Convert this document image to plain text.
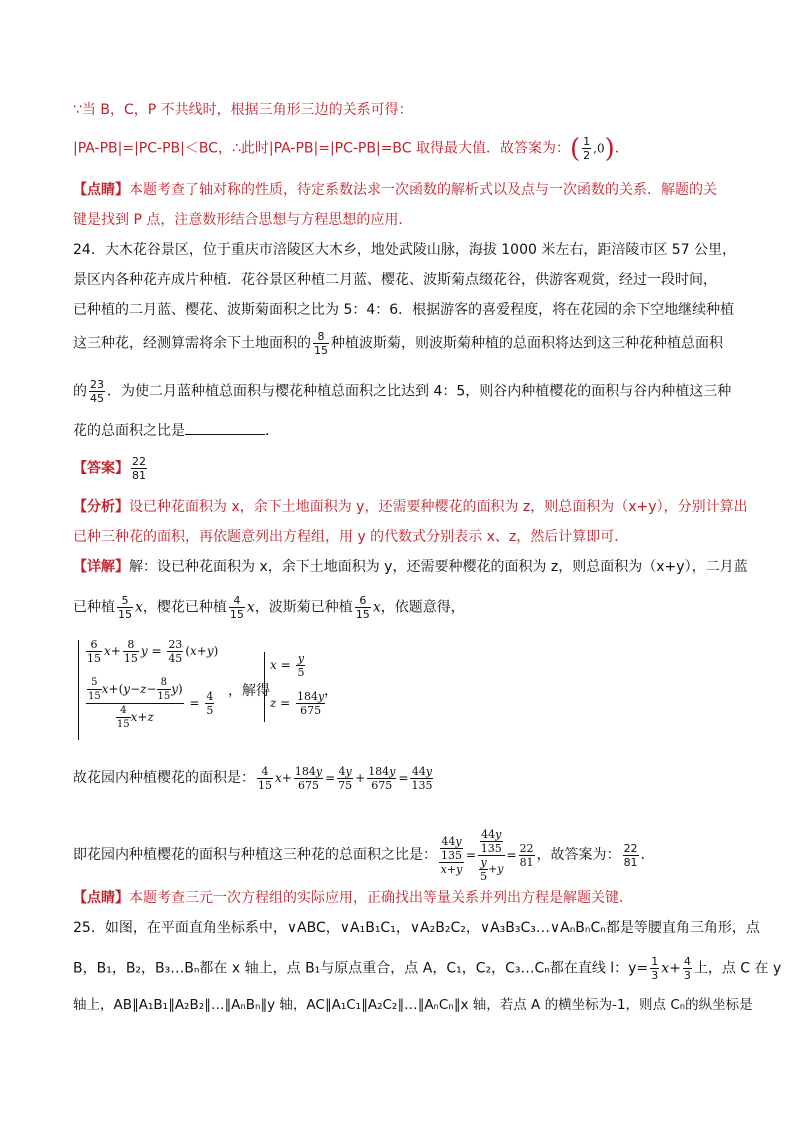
∵当 B，C，P 不共线时，根据三角形三边的关系可得：
|PA-PB|=|PC-PB|＜BC，∴此时|PA-PB|=|PC-PB|=BC 取得最大值．故答案为：( $\frac{1}{2} ,0$)．
【点睛】本题考查了轴对称的性质，待定系数法求一次函数的解析式以及点与一次函数的关系．解题的关
键是找到 P 点，注意数形结合思想与方程思想的应用．
24．大木花谷景区，位于重庆市涪陵区大木乡，地处武陵山脉，海拔 1000 米左右，距涪陵市区 57 公里，
景区内各种花卉成片种植．花谷景区种植二月蓝、樱花、波斯菊点缀花谷，供游客观赏，经过一段时间，
已种植的二月蓝、樱花、波斯菊面积之比为 5：4：6．根据游客的喜爱程度，将在花园的余下空地继续种植
这三种花，经测算需将余下土地面积的 $\frac{8}{15}$ 种植波斯菊，则波斯菊种植的总面积将达到这三种花种植总面积
的 $\frac{23}{45}$ ．为使二月蓝种植总面积与樱花种植总面积之比达到 4：5，则谷内种植樱花的面积与谷内种植这三种
花的总面积之比是	．
【答案】 $\frac{22}{81}$
【分析】设已种花面积为 x，余下土地面积为 y，还需要种樱花的面积为 z，则总面积为（x+y），分别计算出
已种三种花的面积，再依题意列出方程组，用 y 的代数式分别表示 x、z，然后计算即可．
【详解】解：设已种花面积为 x，余下土地面积为 y，还需要种樱花的面积为 z，则总面积为（x+y），二月蓝
已种植 $\frac{5}{15}$ x，樱花已种植 $\frac{4}{15}$ x，波斯菊已种植 $\frac{6}{15}$ x，依题意得，
$\frac{6}{15} x+ \frac{8}{15}$ $y = \frac{23}{45} (x+y)$
$\frac{\frac{5}{15} x+(y-z- \frac{8}{15} y)}{\frac{4}{15} x+z} = \frac{4}{5}$ ，解得
$x = \frac{y}{5}$
$z = \frac{184y}{675}$
，
故花园内种植樱花的面积是： $\frac{4}{15} x+ \frac{184y}{675} = \frac{4y}{75} + \frac{184y}{675} = \frac{44y}{135}$
即花园内种植樱花的面积与种植这三种花的总面积之比是： $\frac{\frac{44y}{135}}{x+y} = \frac{\frac{44y}{135}}{\frac{y}{5} +y} = \frac{22}{81}$ ，故答案为： $\frac{22}{81}$ ．
【点睛】本题考查三元一次方程组的实际应用，正确找出等量关系并列出方程是解题关键．
25．如图，在平面直角坐标系中，∨ABC，∨A₁B₁C₁，∨A₂B₂C₂，∨A₃B₃C₃…∨AₙBₙCₙ都是等腰直角三角形，点
B，B₁，B₂，B₃…Bₙ都在 x 轴上，点 B₁与原点重合，点 A，C₁，C₂，C₃…Cₙ都在直线 l：$y= \frac{1}{3} x+ \frac{4}{3}$ 上，点 C 在 y
轴上，AB∥A₁B₁∥A₂B₂∥…∥AₙBₙ∥y 轴，AC∥A₁C₁∥A₂C₂∥…∥AₙCₙ∥x 轴，若点 A 的横坐标为-1，则点 Cₙ的纵坐标是
